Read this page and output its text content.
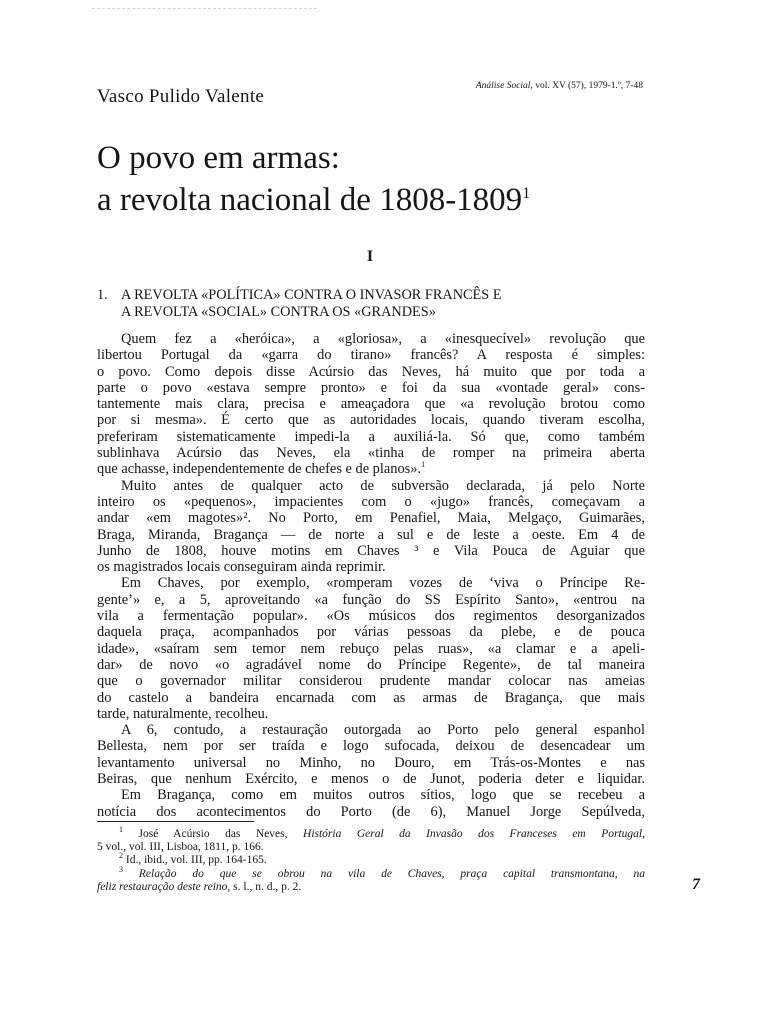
Vasco Pulido Valente	Análise Social, vol. XV (57), 1979-1.º, 7-48
O povo em armas:
a revolta nacional de 1808-1809$^1$
I
1. A REVOLTA «POLÍTICA» CONTRA O INVASOR FRANCÊS E
A REVOLTA «SOCIAL» CONTRA OS «GRANDES»
Quem fez a «heróica», a «gloriosa», a «inesquecível» revolução que
libertou Portugal da «garra do tirano» francês? A resposta é simples:
o povo. Como depois disse Acúrsio das Neves, há muito que por toda a
parte o povo «estava sempre pronto» e foi da sua «vontade geral» cons-
tantemente mais clara, precisa e ameaçadora que «a revolução brotou como
por si mesma». É certo que as autoridades locais, quando tiveram escolha,
preferiram sistematicamente impedi-la a auxiliá-la. Só que, como também
sublinhava Acúrsio das Neves, ela «tinha de romper na primeira aberta
que achasse, independentemente de chefes e de planos».$^1$
Muito antes de qualquer acto de subversão declarada, já pelo Norte
inteiro os «pequenos», impacientes com o «jugo» francês, começavam a
andar «em magotes»². No Porto, em Penafiel, Maia, Melgaço, Guimarães,
Braga, Miranda, Bragança — de norte a sul e de leste a oeste. Em 4 de
Junho de 1808, houve motins em Chaves ³ e Vila Pouca de Aguiar que
os magistrados locais conseguiram ainda reprimir.
Em Chaves, por exemplo, «romperam vozes de ‘viva o Príncipe Re-
gente’» e, a 5, aproveitando «a função do SS Espírito Santo», «entrou na
vila a fermentação popular». «Os músicos dos regimentos desorganizados
daquela praça, acompanhados por várias pessoas da plebe, e de pouca
idade», «saíram sem temor nem rebuço pelas ruas», «a clamar e a apeli-
dar» de novo «o agradável nome do Príncipe Regente», de tal maneira
que o governador militar considerou prudente mandar colocar nas ameias
do castelo a bandeira encarnada com as armas de Bragança, que mais
tarde, naturalmente, recolheu.
A 6, contudo, a restauração outorgada ao Porto pelo general espanhol
Bellesta, nem por ser traída e logo sufocada, deixou de desencadear um
levantamento universal no Minho, no Douro, em Trás-os-Montes e nas
Beiras, que nenhum Exército, e menos o de Junot, poderia deter e liquidar.
Em Bragança, como em muitos outros sítios, logo que se recebeu a
notícia dos acontecimentos do Porto (de 6), Manuel Jorge Sepúlveda,
$^1$ José Acúrsio das Neves, História Geral da Invasão dos Franceses em Portugal,
5 vol., vol. III, Lisboa, 1811, p. 166.
$^2$ Id., ibid., vol. III, pp. 164-165.
$^3$ Relação do que se obrou na vila de Chaves, praça capital transmontana, na
feliz restauração deste reino, s. l., n. d., p. 2.	7
